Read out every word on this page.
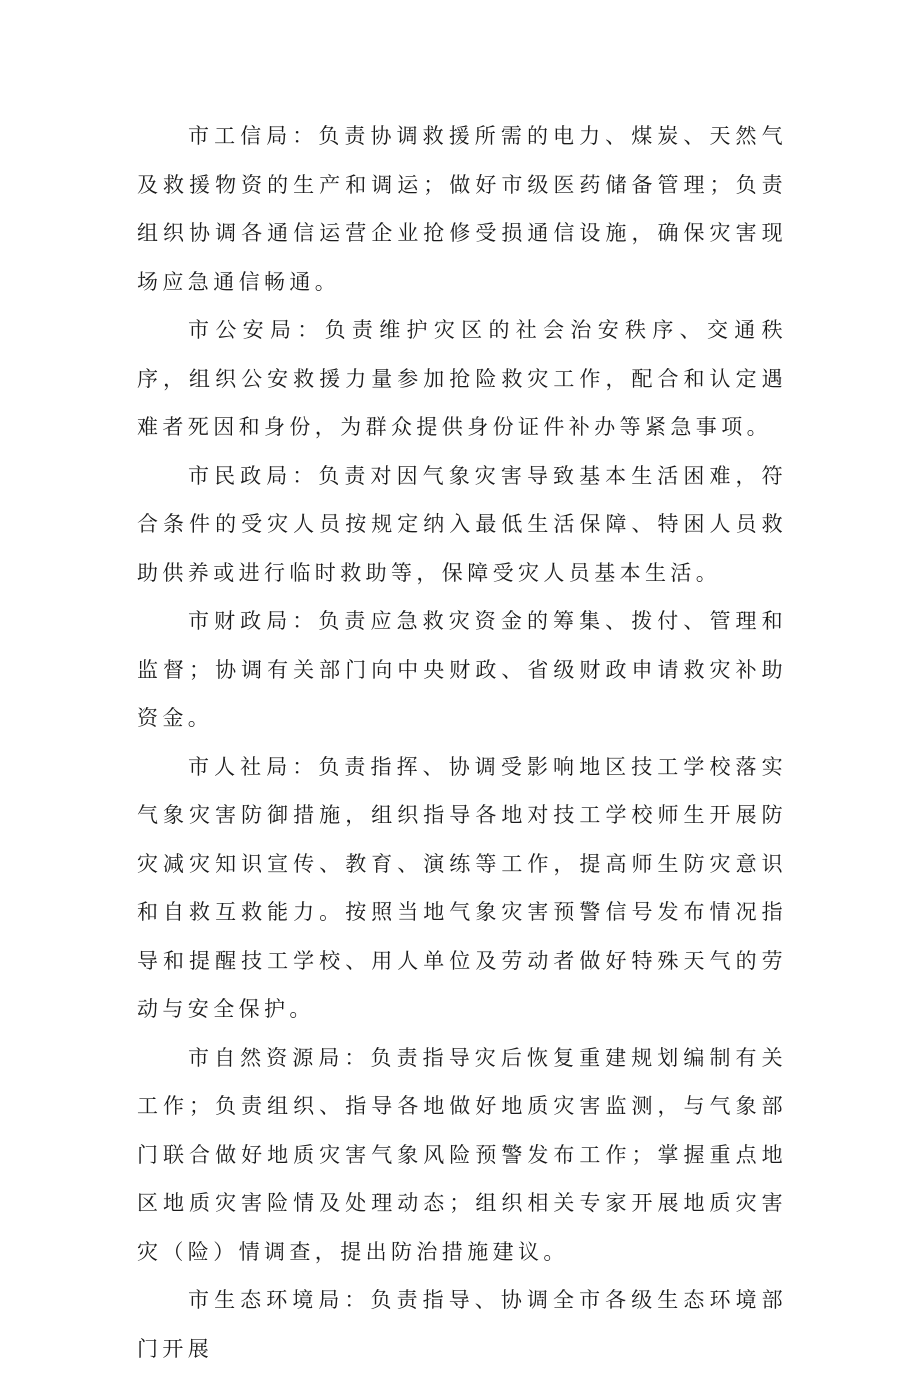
市工信局：负责协调救援所需的电力、煤炭、天然气及救援物资的生产和调运；做好市级医药储备管理；负责组织协调各通信运营企业抢修受损通信设施，确保灾害现场应急通信畅通。

市公安局：负责维护灾区的社会治安秩序、交通秩序，组织公安救援力量参加抢险救灾工作，配合和认定遇难者死因和身份，为群众提供身份证件补办等紧急事项。

市民政局：负责对因气象灾害导致基本生活困难，符合条件的受灾人员按规定纳入最低生活保障、特困人员救助供养或进行临时救助等，保障受灾人员基本生活。

市财政局：负责应急救灾资金的筹集、拨付、管理和监督；协调有关部门向中央财政、省级财政申请救灾补助资金。

市人社局：负责指挥、协调受影响地区技工学校落实气象灾害防御措施，组织指导各地对技工学校师生开展防灾减灾知识宣传、教育、演练等工作，提高师生防灾意识和自救互救能力。按照当地气象灾害预警信号发布情况指导和提醒技工学校、用人单位及劳动者做好特殊天气的劳动与安全保护。

市自然资源局：负责指导灾后恢复重建规划编制有关工作；负责组织、指导各地做好地质灾害监测，与气象部门联合做好地质灾害气象风险预警发布工作；掌握重点地区地质灾害险情及处理动态；组织相关专家开展地质灾害灾（险）情调查，提出防治措施建议。

市生态环境局：负责指导、协调全市各级生态环境部门开展
